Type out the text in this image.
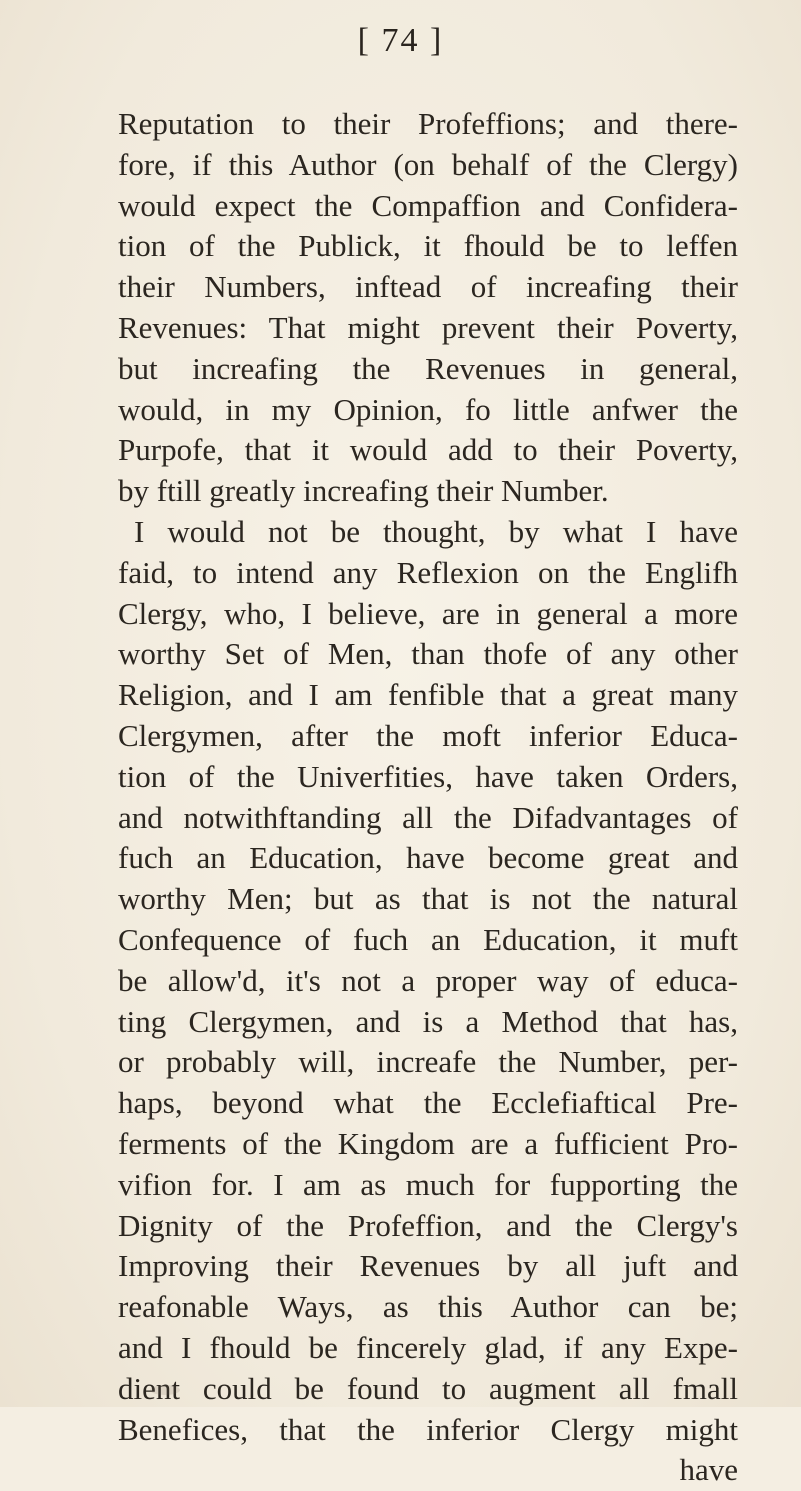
[ 74 ]
Reputation to their Profeffions; and there-
fore, if this Author (on behalf of the Clergy)
would expect the Compaffion and Confidera-
tion of the Publick, it fhould be to leffen
their Numbers, inftead of increafing their
Revenues: That might prevent their Poverty,
but increafing the Revenues in general,
would, in my Opinion, fo little anfwer the
Purpofe, that it would add to their Poverty,
by ftill greatly increafing their Number.
I would not be thought, by what I have
faid, to intend any Reflexion on the Englifh
Clergy, who, I believe, are in general a more
worthy Set of Men, than thofe of any other
Religion, and I am fenfible that a great many
Clergymen, after the moft inferior Educa-
tion of the Univerfities, have taken Orders,
and notwithftanding all the Difadvantages of
fuch an Education, have become great and
worthy Men; but as that is not the natural
Confequence of fuch an Education, it muft
be allow'd, it's not a proper way of educa-
ting Clergymen, and is a Method that has,
or probably will, increafe the Number, per-
haps, beyond what the Ecclefiaftical Pre-
ferments of the Kingdom are a fufficient Pro-
vifion for. I am as much for fupporting the
Dignity of the Profeffion, and the Clergy's
Improving their Revenues by all juft and
reafonable Ways, as this Author can be;
and I fhould be fincerely glad, if any Expe-
dient could be found to augment all fmall
Benefices, that the inferior Clergy might
have
